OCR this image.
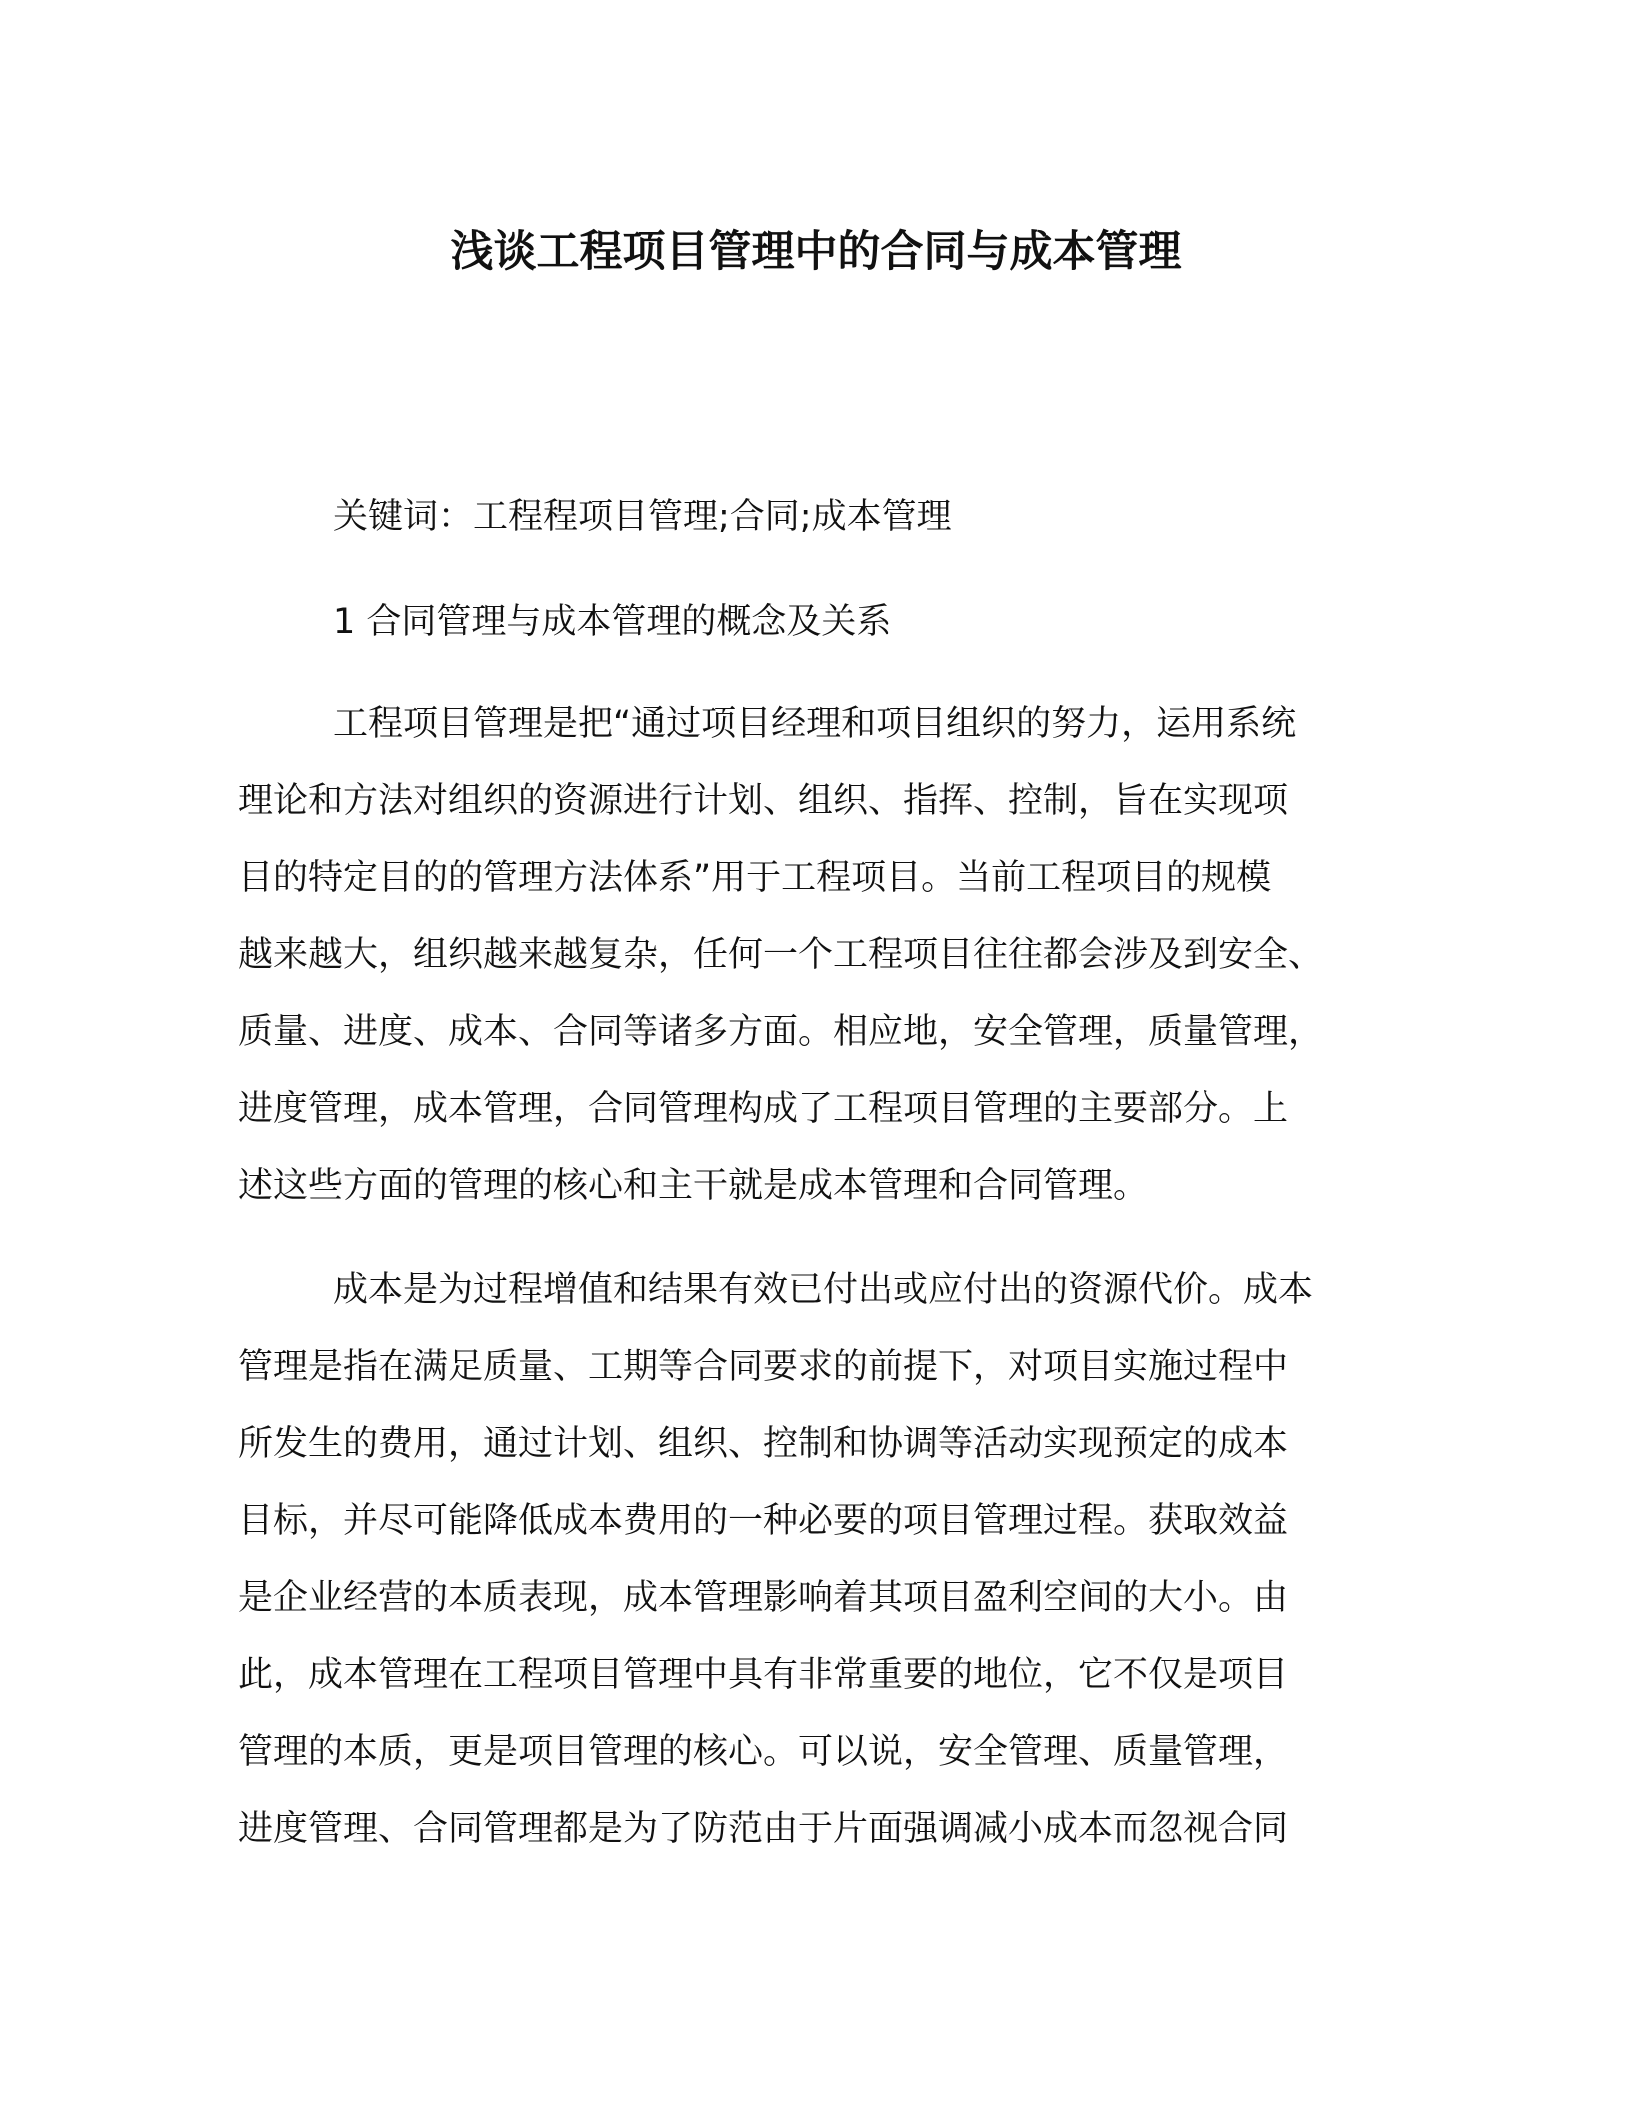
浅谈工程项目管理中的合同与成本管理
关键词：工程程项目管理;合同;成本管理
1 合同管理与成本管理的概念及关系
工程项目管理是把“通过项目经理和项目组织的努力，运用系统
理论和方法对组织的资源进行计划、组织、指挥、控制，旨在实现项
目的特定目的的管理方法体系”用于工程项目。当前工程项目的规模
越来越大，组织越来越复杂，任何一个工程项目往往都会涉及到安全、
质量、进度、成本、合同等诸多方面。相应地，安全管理，质量管理，
进度管理，成本管理，合同管理构成了工程项目管理的主要部分。上
述这些方面的管理的核心和主干就是成本管理和合同管理。
成本是为过程增值和结果有效已付出或应付出的资源代价。成本
管理是指在满足质量、工期等合同要求的前提下，对项目实施过程中
所发生的费用，通过计划、组织、控制和协调等活动实现预定的成本
目标，并尽可能降低成本费用的一种必要的项目管理过程。获取效益
是企业经营的本质表现，成本管理影响着其项目盈利空间的大小。由
此，成本管理在工程项目管理中具有非常重要的地位，它不仅是项目
管理的本质，更是项目管理的核心。可以说，安全管理、质量管理，
进度管理、合同管理都是为了防范由于片面强调减小成本而忽视合同
